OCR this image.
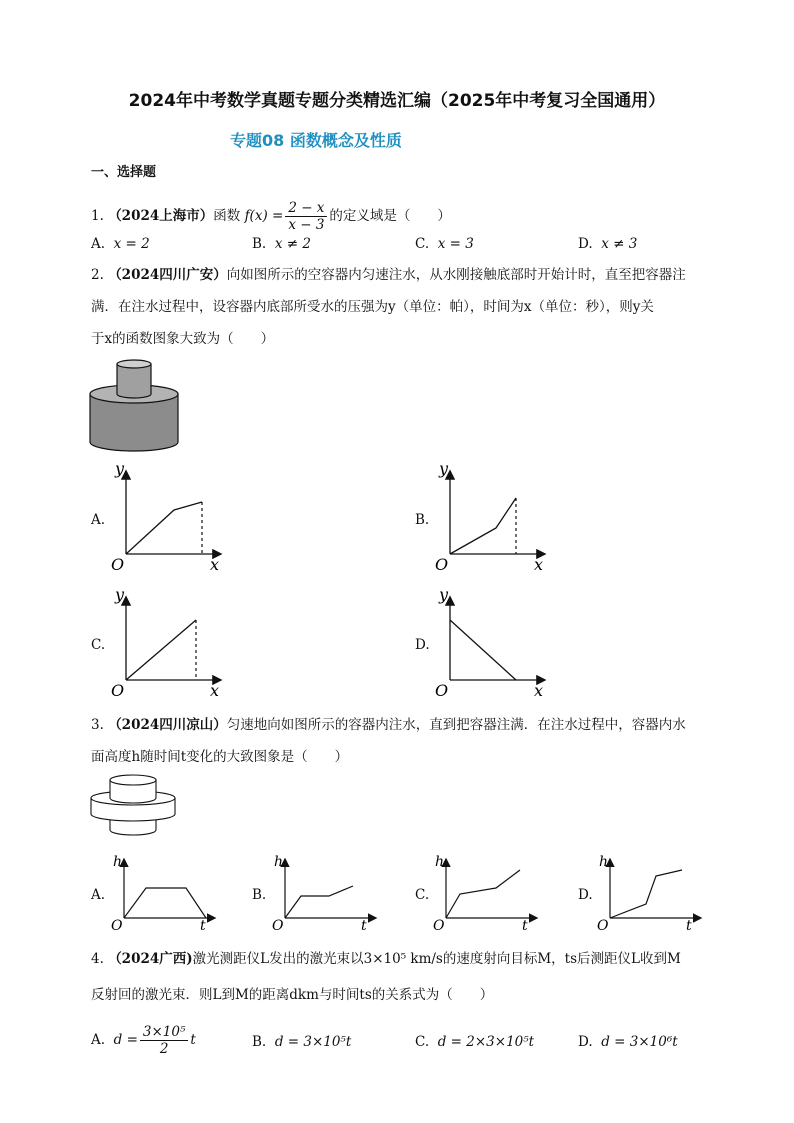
2024年中考数学真题专题分类精选汇编（2025年中考复习全国通用）
专题08 函数概念及性质
一、选择题
1. （2024上海市）函数 $f(x) = \frac{2 - x}{x - 3}$ 的定义域是（　　）
A. x = 2	B. x ≠ 2	C. x = 3	D. x ≠ 3
2. （2024四川广安）向如图所示的空容器内匀速注水，从水刚接触底部时开始计时，直至把容器注
满．在注水过程中，设容器内底部所受水的压强为y（单位：帕），时间为x（单位：秒），则y关
于x的函数图象大致为（　　）
A.
y
x
O
B.
y
x
O
C.
y
x
O
D.
y
x
O
3. （2024四川凉山）匀速地向如图所示的容器内注水，直到把容器注满．在注水过程中，容器内水
面高度h随时间t变化的大致图象是（　　）
A.
h
t
O
B.
h
t
O
C.
h
t
O
D.
h
t
O
4. （2024广西)激光测距仪L发出的激光束以3×10⁵ km/s的速度射向目标M，ts后测距仪L收到M
反射回的激光束．则L到M的距离dkm与时间ts的关系式为（　　）
A. $d = \frac{\text{3×10⁵}}{2}$ t	B. d = 3×10⁵t	C. d = 2×3×10⁵t	D. d = 3×10⁶t
